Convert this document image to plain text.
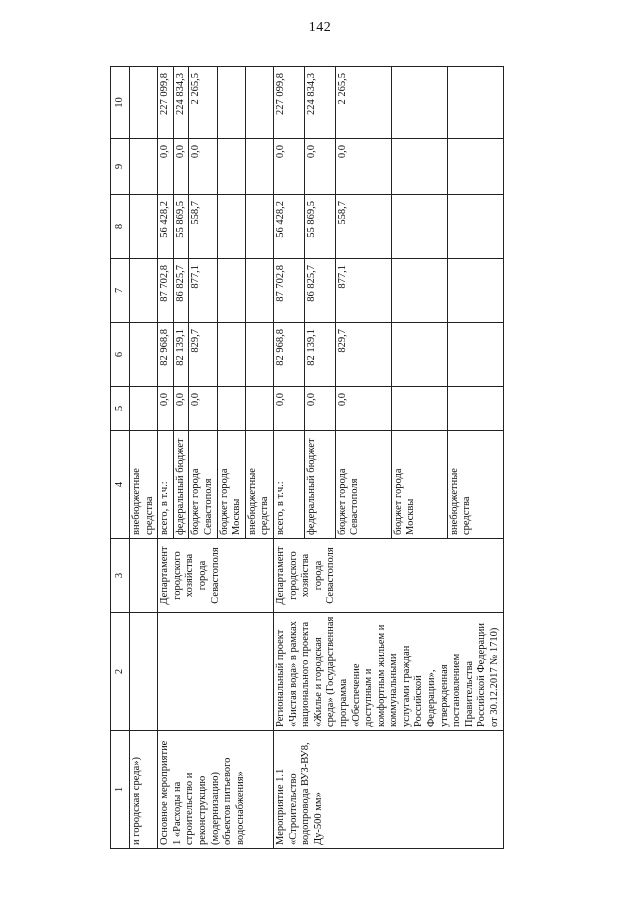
142
1	2	3	4	5	6	7	8	9	10
и городская среда»)			внебюджетные средства						
Основное мероприятие 1 «Расходы на строительство и реконструкцию (модернизацию) объектов питьевого водоснабжения»		Департамент городского хозяйства города Севастополя	всего, в т.ч.:	0,0	82 968,8	87 702,8	56 428,2	0,0	227 099,8
			федеральный бюджет	0,0	82 139,1	86 825,7	55 869,5	0,0	224 834,3
			бюджет города Севастополя	0,0	829,7	877,1	558,7	0,0	2 265,5
			бюджет города Москвы						
			внебюджетные средства						
Мероприятие 1.1 «Строительство водопровода ВУЗ-ВУ8, Ду-500 мм»	Региональный проект «Чистая вода» в рамках национального проекта «Жилье и городская среда» (Государственная программа «Обеспечение доступным и комфортным жильем и коммунальными услугами граждан Российской Федерации», утвержденная постановлением Правительства Российской Федерации от 30.12.2017 № 1710)	Департамент городского хозяйства города Севастополя	всего, в т.ч.:	0,0	82 968,8	87 702,8	56 428,2	0,0	227 099,8
			федеральный бюджет	0,0	82 139,1	86 825,7	55 869,5	0,0	224 834,3
			бюджет города Севастополя	0,0	829,7	877,1	558,7	0,0	2 265,5
			бюджет города Москвы						
			внебюджетные средства						
